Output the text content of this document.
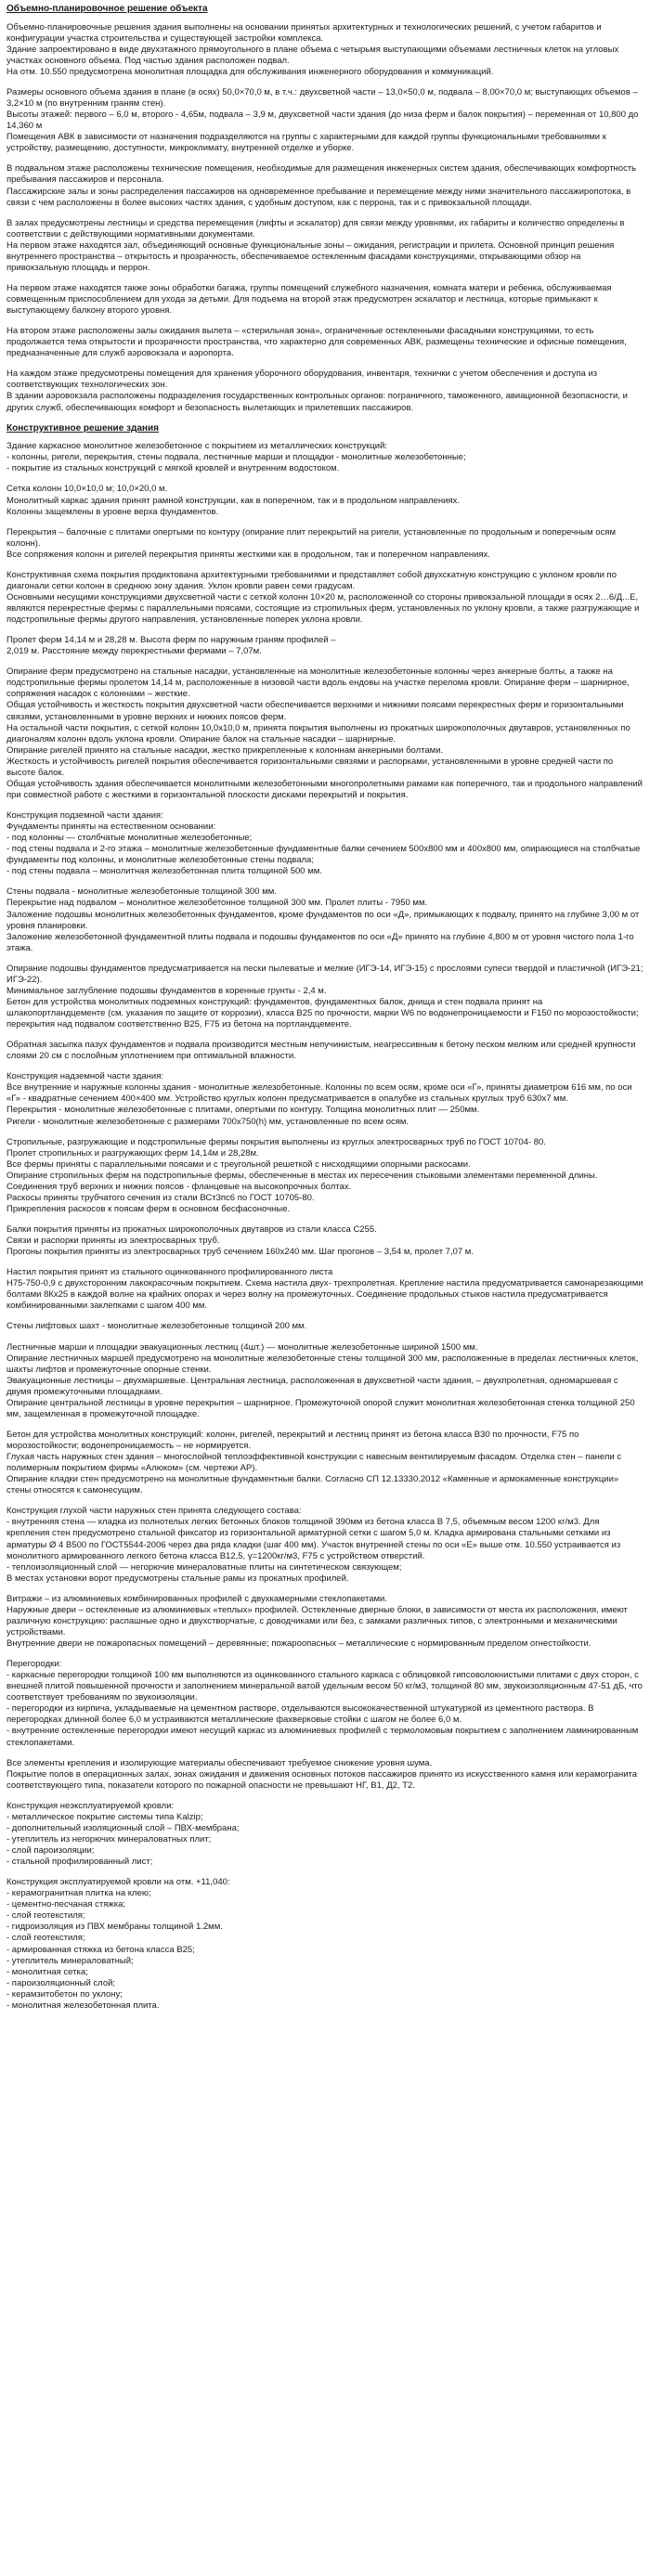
Объемно-планировочное решение объекта
Объемно-планировочные решения здания выполнены на основании принятых архитектурных и технологических решений, с учетом габаритов и конфигурации участка строительства и существующей застройки комплекса.
Здание запроектировано в виде двухэтажного прямоугольного в плане объема с четырьмя выступающими объемами лестничных клеток на угловых участках основного объема. Под частью здания расположен подвал.
На отм. 10.550 предусмотрена монолитная площадка для обслуживания инженерного оборудования и коммуникаций.
Размеры основного объема здания в плане (в осях) 50,0×70,0 м, в т.ч.: двухсветной части – 13,0×50,0 м, подвала – 8,00×70,0 м; выступающих объемов – 3,2×10 м (по внутренним граням стен).
Высоты этажей: первого – 6,0 м, второго - 4,65м, подвала – 3,9 м, двухсветной части здания (до низа ферм и балок покрытия) – переменная от 10,800 до 14,360 м
Помещения АВК в зависимости от назначения подразделяются на группы с характерными для каждой группы функциональными требованиями к устройству, размещению, доступности, микроклимату, внутренней отделке и уборке.
В подвальном этаже расположены технические помещения, необходимые для размещения инженерных систем здания, обеспечивающих комфортность пребывания пассажиров и персонала.
Пассажирские залы и зоны распределения пассажиров на одновременное пребывание и перемещение между ними значительного пассажиропотока, в связи с чем расположены в более высоких частях здания, с удобным доступом, как с перрона, так и с привокзальной площади.
В залах предусмотрены лестницы и средства перемещения (лифты и эскалатор) для связи между уровнями, их габариты и количество определены в соответствии с действующими нормативными документами.
На первом этаже находятся зал, объединяющий основные функциональные зоны – ожидания, регистрации и прилета. Основной принцип решения внутреннего пространства – открытость и прозрачность, обеспечиваемое остекленным фасадами конструкциями, открывающими обзор на привокзальную площадь и перрон.
На первом этаже находятся также зоны обработки багажа, группы помещений служебного назначения, комната матери и ребенка, обслуживаемая совмещенным приспособлением для ухода за детьми. Для подъема на второй этаж предусмотрен эскалатор и лестница, которые примыкают к выступающему балкону второго уровня.
На втором этаже расположены залы ожидания вылета – «стерильная зона», ограниченные остекленными фасадными конструкциями, то есть продолжается тема открытости и прозрачности пространства, что характерно для современных АВК, размещены технические и офисные помещения, предназначенные для служб аэровокзала и аэропорта.
На каждом этаже предусмотрены помещения для хранения уборочного оборудования, инвентаря, технички с учетом обеспечения и доступа из соответствующих технологических зон.
В здании аэровокзала расположены подразделения государственных контрольных органов: пограничного, таможенного, авиационной безопасности, и других служб, обеспечивающих комфорт и безопасность вылетающих и прилетевших пассажиров.
Конструктивное решение здания
Здание каркасное монолитное железобетонное с покрытием из металлических конструкций:
- колонны, ригели, перекрытия, стены подвала, лестничные марши и площадки - монолитные железобетонные;
- покрытие из стальных конструкций с мягкой кровлей и внутренним водостоком.
Сетка колонн 10,0×10,0 м; 10,0×20,0 м.
Монолитный каркас здания принят рамной конструкции, как в поперечном, так и в продольном направлениях.
Колонны защемлены в уровне верха фундаментов.
Перекрытия – балочные с плитами опертыми по контуру (опирание плит перекрытий на ригели, установленные по продольным и поперечным осям колонн).
Все сопряжения колонн и ригелей перекрытия приняты жесткими как в продольном, так и поперечном направлениях.
Конструктивная схема покрытия продиктована архитектурными требованиями и представляет собой двухскатную конструкцию с уклоном кровли по диагонали сетки колонн в среднюю зону здания. Уклон кровли равен семи градусам.
Основными несущими конструкциями двухсветной части с сеткой колонн 10×20 м, расположенной со стороны привокзальной площади в осях 2…6/Д...Е, являются перекрестные фермы с параллельными поясами, состоящие из стропильных ферм, установленных по уклону кровли, а также разгружающие и подстропильные фермы другого направления, установленные поперек уклона кровли.
Пролет ферм 14,14 м и 28,28 м. Высота ферм по наружным граням профилей –
2,019 м. Расстояние между перекрестными фермами – 7,07м.
Опирание ферм предусмотрено на стальные насадки, установленные на монолитные железобетонные колонны через анкерные болты, а также на подстропильные фермы пролетом 14,14 м, расположенные в низовой части вдоль ендовы на участке перелома кровли. Опирание ферм – шарнирное, сопряжения насадок с колоннами – жесткие.
Общая устойчивость и жесткость покрытия двухсветной части обеспечивается верхними и нижними поясами перекрестных ферм и горизонтальными связями, установленными в уровне верхних и нижних поясов ферм.
На остальной части покрытия, с сеткой колонн 10,0х10,0 м, принята покрытия выполнены из прокатных широкополочных двутавров, установленных по диагоналям колонн вдоль уклона кровли. Опирание балок на стальные насадки – шарнирные.
Опирание ригелей принято на стальные насадки, жестко прикрепленные к колоннам анкерными болтами.
Жесткость и устойчивость ригелей покрытия обеспечивается горизонтальными связями и распорками, установленными в уровне средней части по высоте балок.
Общая устойчивость здания обеспечивается монолитными железобетонными многопролетными рамами как поперечного, так и продольного направлений при совместной работе с жесткими в горизонтальной плоскости дисками перекрытий и покрытия.
Конструкция подземной части здания:
Фундаменты приняты на естественном основании:
- под колонны — столбчатые монолитные железобетонные;
- под стены подвала и 2-го этажа – монолитные железобетонные фундаментные балки сечением 500х800 мм и 400х800 мм, опирающиеся на столбчатые фундаменты под колонны, и монолитные железобетонные стены подвала;
- под стены подвала – монолитная железобетонная плита толщиной 500 мм.
Стены подвала - монолитные железобетонные толщиной 300 мм.
Перекрытие над подвалом – монолитное железобетонное толщиной 300 мм. Пролет плиты - 7950 мм.
Заложение подошвы монолитных железобетонных фундаментов, кроме фундаментов по оси «Д», примыкающих к подвалу, принято на глубине 3,00 м от уровня планировки.
Заложение железобетонной фундаментной плиты подвала и подошвы фундаментов по оси «Д» принято на глубине 4,800 м от уровня чистого пола 1-го этажа.
Опирание подошвы фундаментов предусматривается на пески пылеватые и мелкие (ИГЭ-14, ИГЭ-15) с прослоями супеси твердой и пластичной (ИГЭ-21; ИГЭ-22).
Минимальное заглубление подошвы фундаментов в коренные грунты - 2,4 м.
Бетон для устройства монолитных подземных конструкций: фундаментов, фундаментных балок, днища и стен подвала принят на шлакопортландцементе (см. указания по защите от коррозии), класса В25 по прочности, марки W6 по водонепроницаемости и F150 по морозостойкости; перекрытия над подвалом соответственно B25, F75 из бетона на портландцементе.
Обратная засыпка пазух фундаментов и подвала производится местным непучинистым, неагрессивным к бетону песком мелким или средней крупности слоями 20 см с послойным уплотнением при оптимальной влажности.
Конструкция надземной части здания:
Все внутренние и наружные колонны здания - монолитные железобетонные. Колонны по всем осям, кроме оси «Г», приняты диаметром 616 мм, по оси «Г» - квадратные сечением 400×400 мм. Устройство круглых колонн предусматривается в опалубке из стальных круглых труб 630х7 мм.
Перекрытия - монолитные железобетонные с плитами, опертыми по контуру. Толщина монолитных плит — 250мм.
Ригели - монолитные железобетонные с размерами 700х750(h) мм, установленные по всем осям.
Стропильные, разгружающие и подстропильные фермы покрытия выполнены из круглых электросварных труб по ГОСТ 10704- 80.
Пролет стропильных и разгружающих ферм 14,14м и 28,28м.
Все фермы приняты с параллельными поясами и с треугольной решеткой с нисходящими опорными раскосами.
Опирание стропильных ферм на подстропильные фермы, обеспеченные в местах их пересечения стыковыми элементами переменной длины.
Соединения труб верхних и нижних поясов - фланцевые на высокопрочных болтах.
Раскосы приняты трубчатого сечения из стали ВСт3пс6 по ГОСТ 10705-80.
Прикрепления раскосов к поясам ферм в основном бесфасоночные.
Балки покрытия приняты из прокатных широкополочных двутавров из стали класса С255.
Связи и распорки приняты из электросварных труб.
Прогоны покрытия приняты из электросварных труб сечением 160х240 мм. Шаг прогонов – 3,54 м, пролет 7,07 м.
Настил покрытия принят из стального оцинкованного профилированного листа
Н75-750-0,9 с двухсторонним лакокрасочным покрытием. Схема настила двух- трехпролетная. Крепление настила предусматривается самонарезающими болтами 8Кх25 в каждой волне на крайних опорах и через волну на промежуточных. Соединение продольных стыков настила предусматривается комбинированными заклепками с шагом 400 мм.
Стены лифтовых шахт - монолитные железобетонные толщиной 200 мм.
Лестничные марши и площадки эвакуационных лестниц (4шт.) — монолитные железобетонные шириной 1500 мм.
Опирание лестничных маршей предусмотрено на монолитные железобетонные стены толщиной 300 мм, расположенные в пределах лестничных клеток, шахты лифтов и промежуточные опорные стенки.
Эвакуационные лестницы – двухмаршевые. Центральная лестница, расположенная в двухсветной части здания, – двухпролетная, одномаршевая с двумя промежуточными площадками.
Опирание центральной лестницы в уровне перекрытия – шарнирное. Промежуточной опорой служит монолитная железобетонная стенка толщиной 250 мм, защемленная в промежуточной площадке.
Бетон для устройства монолитных конструкций: колонн, ригелей, перекрытий и лестниц принят из бетона класса B30 по прочности, F75 по морозостойкости; водонепроницаемость – не нормируется.
Глухая часть наружных стен здания – многослойной теплоэффективной конструкции с навесным вентилируемым фасадом. Отделка стен – панели с полимерным покрытием фирмы «Алюком» (см. чертежи АР).
Опирание кладки стен предусмотрено на монолитные фундаментные балки. Согласно СП 12.13330.2012 «Каменные и армокаменные конструкции» стены относятся к самонесущим.
Конструкция глухой части наружных стен принята следующего состава:
- внутренняя стена — кладка из полнотелых легких бетонных блоков толщиной 390мм из бетона класса В 7,5, объемным весом 1200 кг/м3. Для крепления стен предусмотрено стальной фиксатор из горизонтальной арматурной сетки с шагом 5,0 м. Кладка армирована стальными сетками из арматуры Ø 4 В500 по ГОСТ5544-2006 через два ряда кладки (шаг 400 мм). Участок внутренней стены по оси «Е» выше отм. 10.550 устраивается из монолитного армированного легкого бетона класса B12,5, γ=1200кг/м3, F75 с устройством отверстий.
- теплоизоляционный слой — негорючие минераловатные плиты на синтетическом связующем;
В местах установки ворот предусмотрены стальные рамы из прокатных профилей.
Витражи – из алюминиевых комбинированных профилей с двухкамерными стеклопакетами.
Наружные двери – остекленные из алюминиевых «теплых» профилей. Остекленные дверные блоки, в зависимости от места их расположения, имеют различную конструкцию: распашные одно и двухстворчатые, с доводчиками или без, с замками различных типов, с электронными и механическими устройствами.
Внутренние двери не пожаропасных помещений – деревянные; пожароопасных – металлические с нормированным пределом огнестойкости.
Перегородки:
- каркасные перегородки толщиной 100 мм выполняются из оцинкованного стального каркаса с облицовкой гипсоволокнистыми плитами с двух сторон, с внешней плитой повышенной прочности и заполнением минеральной ватой удельным весом 50 кг/м3, толщиной 80 мм, звукоизоляционным 47-51 дБ, что соответствует требованиям по звукоизоляции.
- перегородки из кирпича, укладываемые на цементном растворе, отделываются высококачественной штукатуркой из цементного раствора. В перегородках длинной более 6,0 м устраиваются металлические фахверковые стойки с шагом не более 6,0 м.
- внутренние остекленные перегородки имеют несущий каркас из алюминиевых профилей с термоломовым покрытием с заполнением ламинированным стеклопакетами.
Все элементы крепления и изолирующие материалы обеспечивают требуемое снижение уровня шума.
Покрытие полов в операционных залах, зонах ожидания и движения основных потоков пассажиров принято из искусственного камня или керамогранита соответствующего типа, показатели которого по пожарной опасности не превышают НГ, В1, Д2, Т2.
Конструкция неэксплуатируемой кровли:
- металлическое покрытие системы типа Kalzip;
- дополнительный изоляционный слой – ПВХ-мембрана;
- утеплитель из негорючих минераловатных плит;
- слой пароизоляции;
- стальной профилированный лист;
Конструкция эксплуатируемой кровли на отм. +11,040:
- керамогранитная плитка на клею;
- цементно-песчаная стяжка;
- слой геотекстиля;
- гидроизоляция из ПВХ мембраны толщиной 1.2мм.
- слой геотекстиля;
- армированная стяжка из бетона класса В25;
- утеплитель минераловатный;
- монолитная сетка;
- пароизоляционный слой;
- керамзитобетон по уклону;
- монолитная железобетонная плита.
